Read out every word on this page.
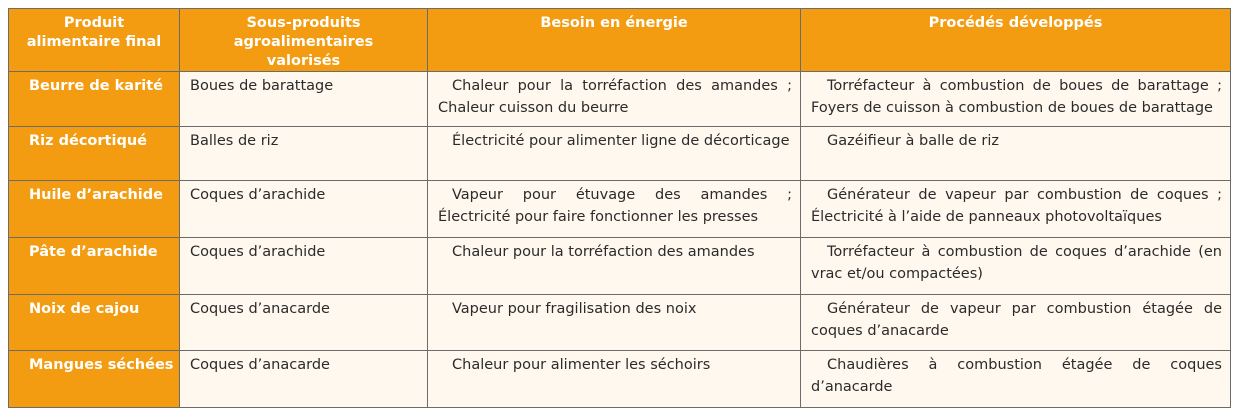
Produit alimentaire final	Sous-produits agroalimentaires valorisés	Besoin en énergie	Procédés développés
Beurre de karité	Boues de barattage	Chaleur pour la torréfaction des amandes ; Chaleur cuisson du beurre	Torréfacteur à combustion de boues de barattage ; Foyers de cuisson à combustion de boues de barattage
Riz décortiqué	Balles de riz	Électricité pour alimenter ligne de décorticage	Gazéifieur à balle de riz
Huile d’arachide	Coques d’arachide	Vapeur pour étuvage des amandes ; Électricité pour faire fonctionner les presses	Générateur de vapeur par combustion de coques ; Électricité à l’aide de panneaux photovoltaïques
Pâte d’arachide	Coques d’arachide	Chaleur pour la torréfaction des amandes	Torréfacteur à combustion de coques d’arachide (en vrac et/ou compactées)
Noix de cajou	Coques d’anacarde	Vapeur pour fragilisation des noix	Générateur de vapeur par combustion étagée de coques d’anacarde
Mangues séchées	Coques d’anacarde	Chaleur pour alimenter les séchoirs	Chaudières à combustion étagée de coques d’anacarde
